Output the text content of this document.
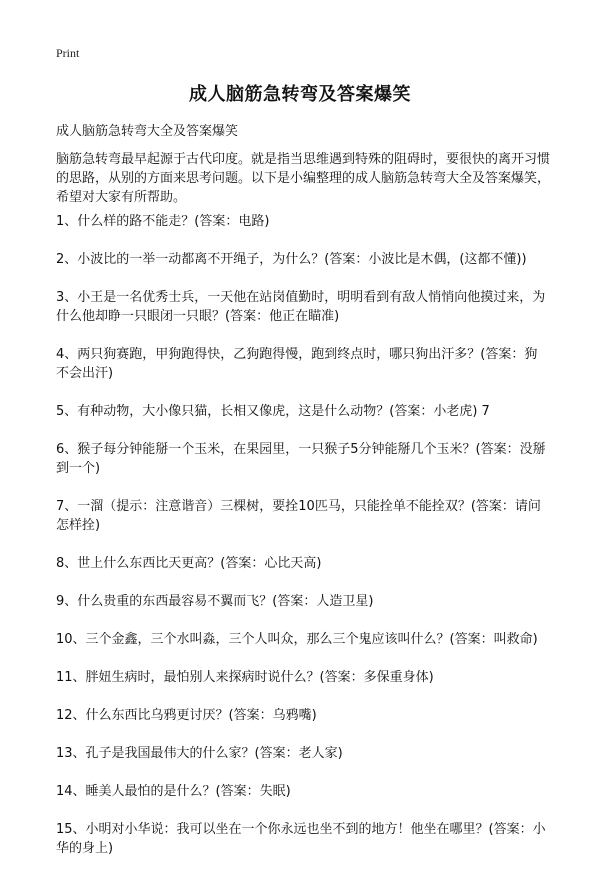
Print
成人脑筋急转弯及答案爆笑
成人脑筋急转弯大全及答案爆笑
脑筋急转弯最早起源于古代印度。就是指当思维遇到特殊的阻碍时，要很快的离开习惯的思路，从别的方面来思考问题。以下是小编整理的成人脑筋急转弯大全及答案爆笑，希望对大家有所帮助。
1、什么样的路不能走？(答案：电路)
2、小波比的一举一动都离不开绳子，为什么？(答案：小波比是木偶，(这都不懂))
3、小王是一名优秀士兵，一天他在站岗值勤时，明明看到有敌人悄悄向他摸过来，为什么他却睁一只眼闭一只眼？(答案：他正在瞄准)
4、两只狗赛跑，甲狗跑得快，乙狗跑得慢，跑到终点时，哪只狗出汗多？(答案：狗不会出汗)
5、有种动物，大小像只猫，长相又像虎，这是什么动物？(答案：小老虎) 7
6、猴子每分钟能掰一个玉米，在果园里，一只猴子5分钟能掰几个玉米？(答案：没掰到一个)
7、一溜（提示：注意谐音）三棵树，要拴10匹马，只能拴单不能拴双？(答案：请问怎样拴)
8、世上什么东西比天更高？(答案：心比天高)
9、什么贵重的东西最容易不翼而飞？(答案：人造卫星)
10、三个金鑫，三个水叫淼，三个人叫众，那么三个鬼应该叫什么？(答案：叫救命)
11、胖妞生病时，最怕别人来探病时说什么？(答案：多保重身体)
12、什么东西比乌鸦更讨厌？(答案：乌鸦嘴)
13、孔子是我国最伟大的什么家？(答案：老人家)
14、睡美人最怕的是什么？(答案：失眠)
15、小明对小华说：我可以坐在一个你永远也坐不到的地方！他坐在哪里？(答案：小华的身上)
